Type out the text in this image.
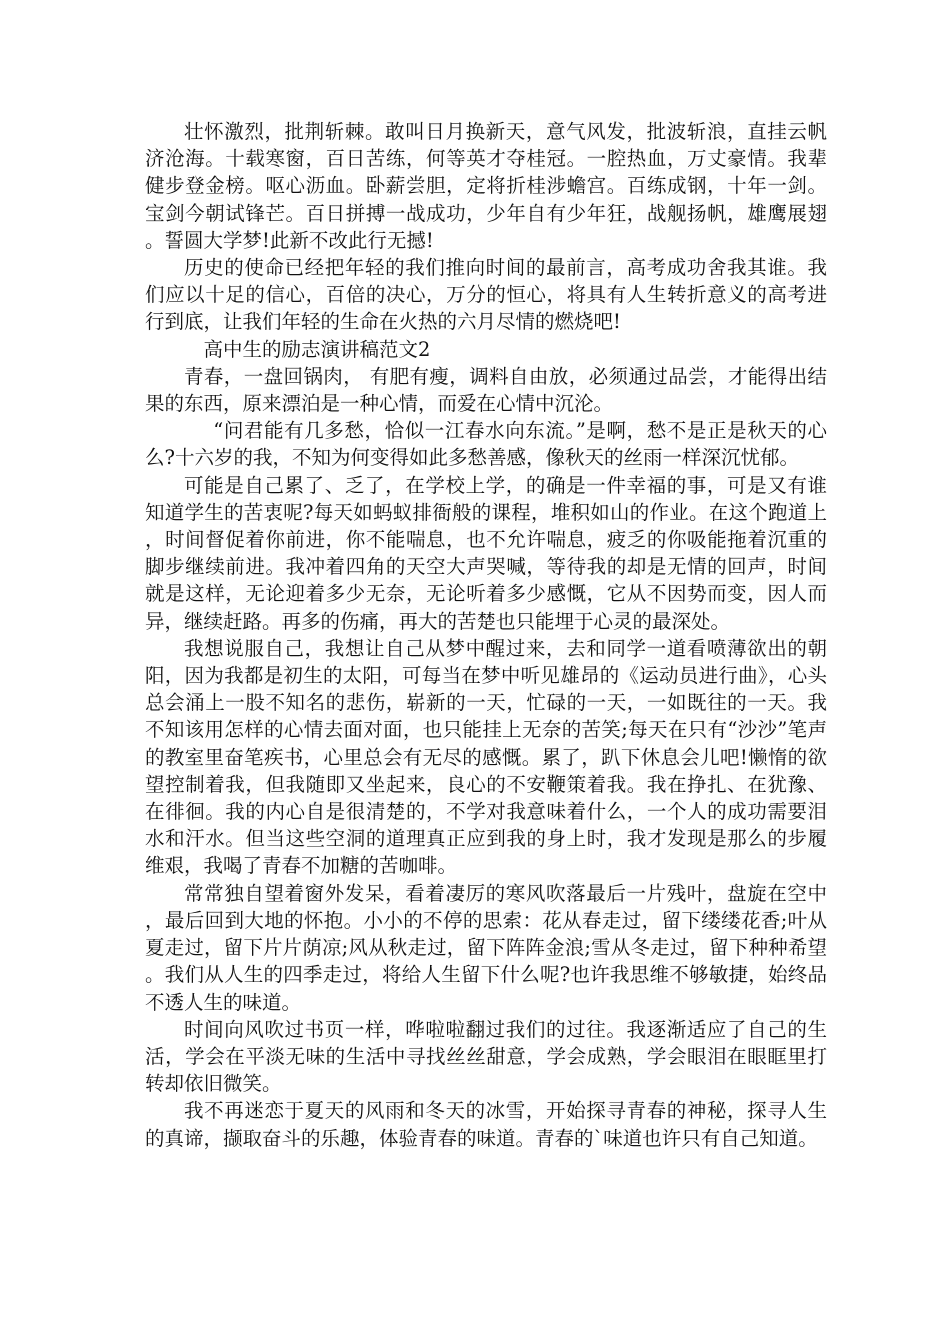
壮怀激烈，批荆斩棘。敢叫日月换新天，意气风发，批波斩浪，直挂云帆济沧海。十载寒窗，百日苦练，何等英才夺桂冠。一腔热血，万丈豪情。我辈健步登金榜。呕心沥血。卧薪尝胆，定将折桂涉蟾宫。百练成钢，十年一剑。宝剑今朝试锋芒。百日拼搏一战成功，少年自有少年狂，战舰扬帆，雄鹰展翅。誓圆大学梦!此新不改此行无撼!

历史的使命已经把年轻的我们推向时间的最前言，高考成功舍我其谁。我们应以十足的信心，百倍的决心，万分的恒心，将具有人生转折意义的高考进行到底，让我们年轻的生命在火热的六月尽情的燃烧吧!

高中生的励志演讲稿范文2

青春，一盘回锅肉， 有肥有瘦，调料自由放，必须通过品尝，才能得出结果的东西，原来漂泊是一种心情，而爱在心情中沉沦。

“问君能有几多愁，恰似一江春水向东流。”是啊，愁不是正是秋天的心么?十六岁的我，不知为何变得如此多愁善感，像秋天的丝雨一样深沉忧郁。

可能是自己累了、乏了，在学校上学，的确是一件幸福的事，可是又有谁知道学生的苦衷呢?每天如蚂蚁排衙般的课程，堆积如山的作业。在这个跑道上，时间督促着你前进，你不能喘息，也不允许喘息，疲乏的你吸能拖着沉重的脚步继续前进。我冲着四角的天空大声哭喊，等待我的却是无情的回声，时间就是这样，无论迎着多少无奈，无论听着多少感慨，它从不因势而变，因人而异，继续赶路。再多的伤痛，再大的苦楚也只能埋于心灵的最深处。

我想说服自己，我想让自己从梦中醒过来，去和同学一道看喷薄欲出的朝阳，因为我都是初生的太阳，可每当在梦中听见雄昂的《运动员进行曲》，心头总会涌上一股不知名的悲伤，崭新的一天，忙碌的一天，一如既往的一天。我不知该用怎样的心情去面对面，也只能挂上无奈的苦笑;每天在只有“沙沙”笔声的教室里奋笔疾书，心里总会有无尽的感慨。累了，趴下休息会儿吧!懒惰的欲望控制着我，但我随即又坐起来，良心的不安鞭策着我。我在挣扎、在犹豫、在徘徊。我的内心自是很清楚的，不学对我意味着什么，一个人的成功需要泪水和汗水。但当这些空洞的道理真正应到我的身上时，我才发现是那么的步履维艰，我喝了青春不加糖的苦咖啡。

常常独自望着窗外发呆，看着凄厉的寒风吹落最后一片残叶，盘旋在空中，最后回到大地的怀抱。小小的不停的思索：花从春走过，留下缕缕花香;叶从夏走过，留下片片荫凉;风从秋走过，留下阵阵金浪;雪从冬走过，留下种种希望。我们从人生的四季走过，将给人生留下什么呢?也许我思维不够敏捷，始终品不透人生的味道。

时间向风吹过书页一样，哗啦啦翻过我们的过往。我逐渐适应了自己的生活，学会在平淡无味的生活中寻找丝丝甜意，学会成熟，学会眼泪在眼眶里打转却依旧微笑。

我不再迷恋于夏天的风雨和冬天的冰雪，开始探寻青春的神秘，探寻人生的真谛，撷取奋斗的乐趣，体验青春的味道。青春的`味道也许只有自己知道。
